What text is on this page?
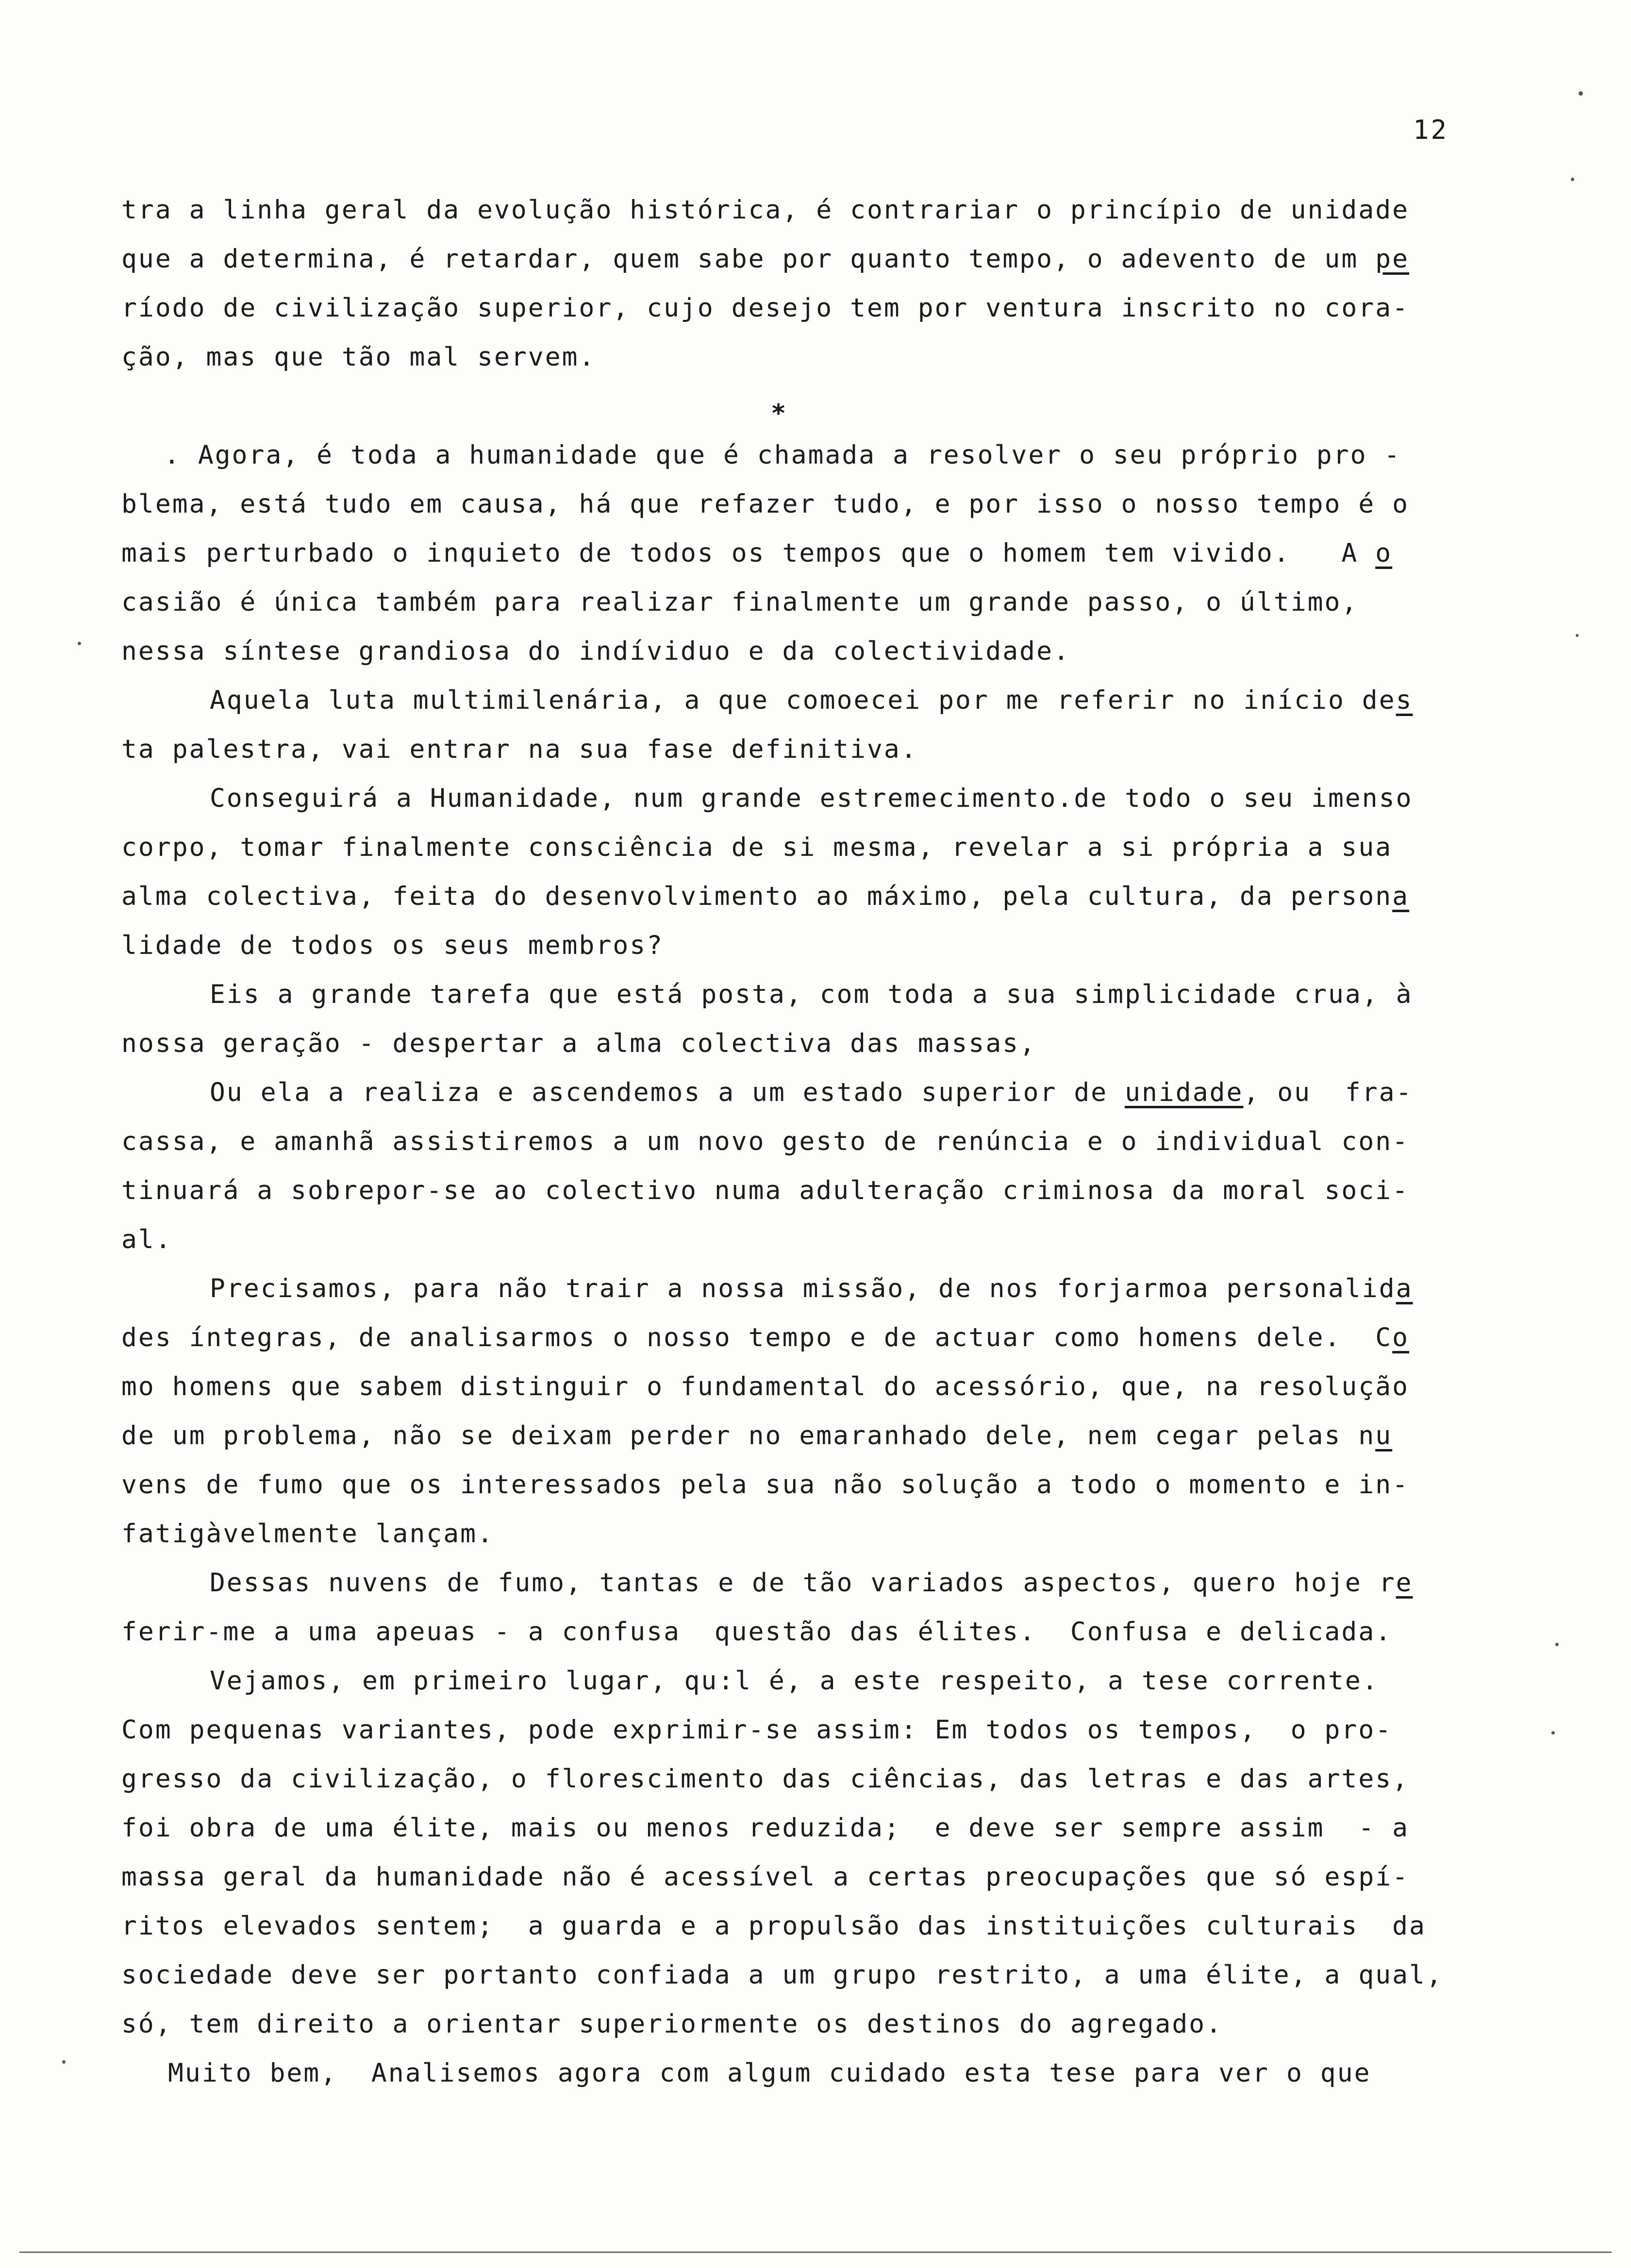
12
tra a linha geral da evolução histórica, é contrariar o princípio de unidade
que a determina, é retardar, quem sabe por quanto tempo, o adevento de um pe
ríodo de civilização superior, cujo desejo tem por ventura inscrito no cora-
ção, mas que tão mal servem.
. Agora, é toda a humanidade que é chamada a resolver o seu próprio pro -
blema, está tudo em causa, há que refazer tudo, e por isso o nosso tempo é o
mais perturbado o inquieto de todos os tempos que o homem tem vivido.   A o
casião é única também para realizar finalmente um grande passo, o último,
nessa síntese grandiosa do indíviduo e da colectividade.
Aquela luta multimilenária, a que comoecei por me referir no início des
ta palestra, vai entrar na sua fase definitiva.
Conseguirá a Humanidade, num grande estremecimento.de todo o seu imenso
corpo, tomar finalmente consciência de si mesma, revelar a si própria a sua
alma colectiva, feita do desenvolvimento ao máximo, pela cultura, da persona
lidade de todos os seus membros?
Eis a grande tarefa que está posta, com toda a sua simplicidade crua, à
nossa geração - despertar a alma colectiva das massas,
Ou ela a realiza e ascendemos a um estado superior de unidade, ou  fra-
cassa, e amanhã assistiremos a um novo gesto de renúncia e o individual con-
tinuará a sobrepor-se ao colectivo numa adulteração criminosa da moral soci-
al.
Precisamos, para não trair a nossa missão, de nos forjarmoa personalida
des íntegras, de analisarmos o nosso tempo e de actuar como homens dele.  Co
mo homens que sabem distinguir o fundamental do acessório, que, na resolução
de um problema, não se deixam perder no emaranhado dele, nem cegar pelas nu
vens de fumo que os interessados pela sua não solução a todo o momento e in-
fatigàvelmente lançam.
Dessas nuvens de fumo, tantas e de tão variados aspectos, quero hoje re
ferir-me a uma apeuas - a confusa  questão das élites.  Confusa e delicada.
Vejamos, em primeiro lugar, qu:l é, a este respeito, a tese corrente.
Com pequenas variantes, pode exprimir-se assim: Em todos os tempos,  o pro-
gresso da civilização, o florescimento das ciências, das letras e das artes,
foi obra de uma élite, mais ou menos reduzida;  e deve ser sempre assim  - a
massa geral da humanidade não é acessível a certas preocupações que só espí-
ritos elevados sentem;  a guarda e a propulsão das instituições culturais  da
sociedade deve ser portanto confiada a um grupo restrito, a uma élite, a qual,
só, tem direito a orientar superiormente os destinos do agregado.
Muito bem,  Analisemos agora com algum cuidado esta tese para ver o que
*
